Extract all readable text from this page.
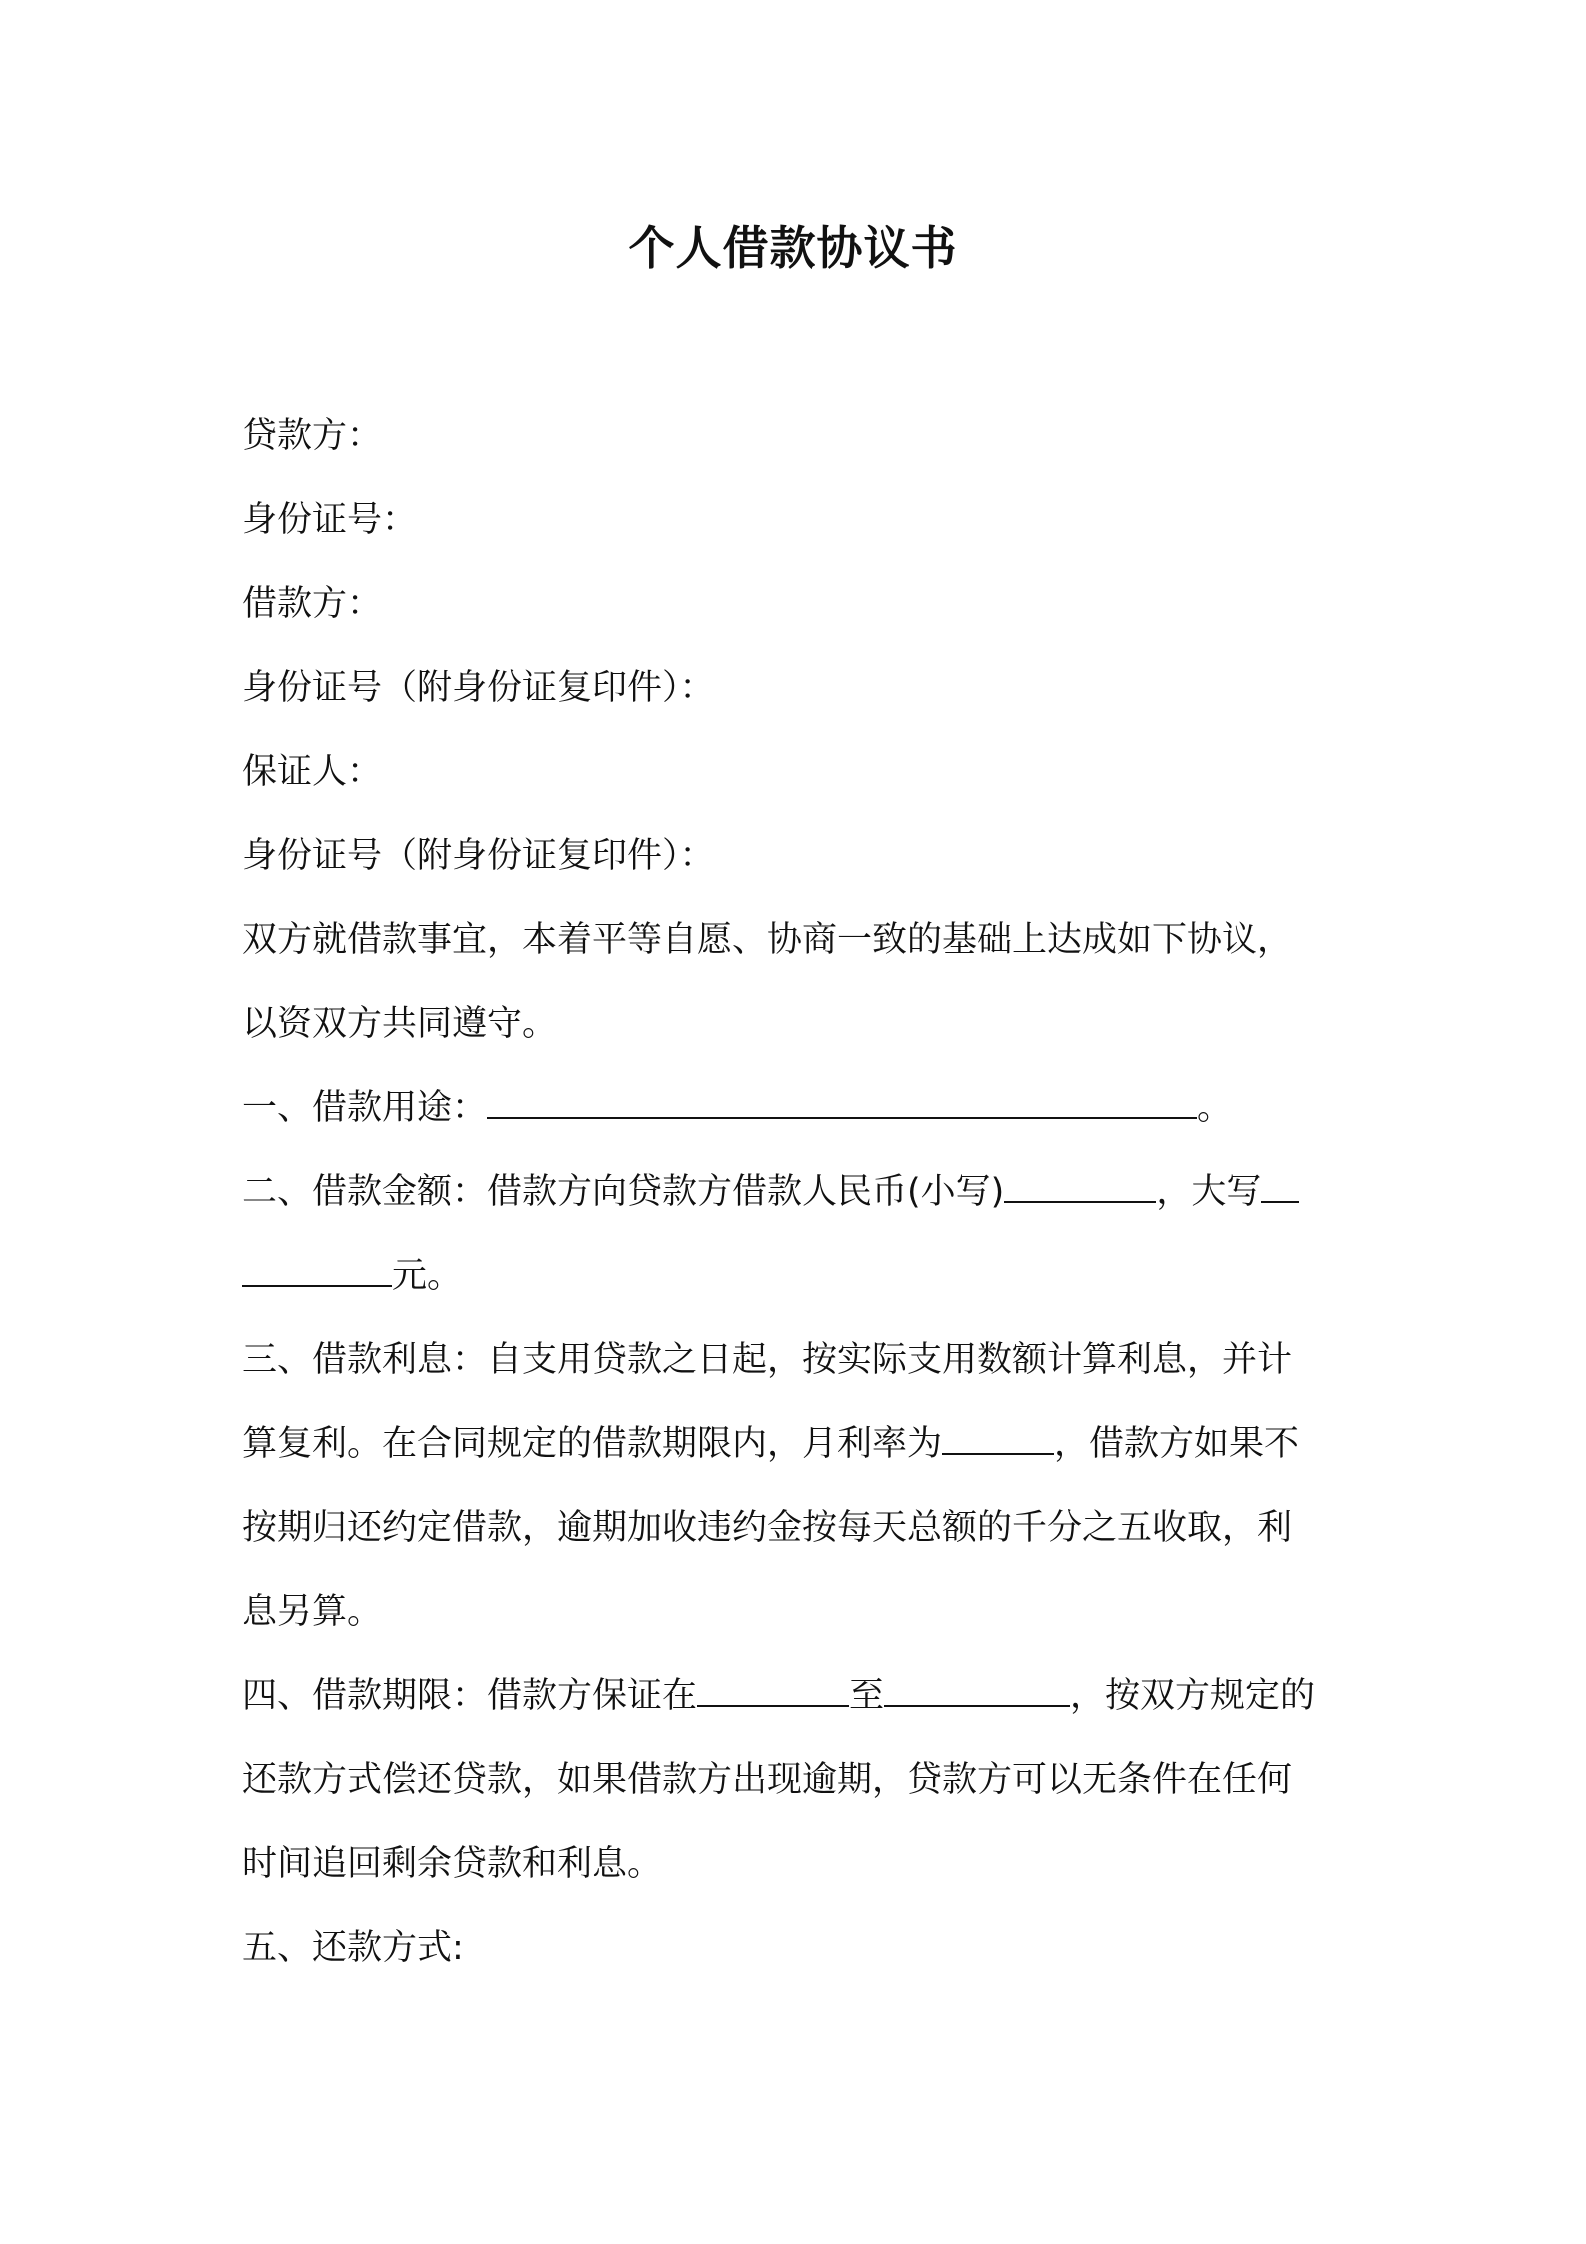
个人借款协议书
贷款方：
身份证号：
借款方：
身份证号（附身份证复印件）：
保证人：
身份证号（附身份证复印件）：
双方就借款事宜，本着平等自愿、协商一致的基础上达成如下协议，
以资双方共同遵守。
一、借款用途：	。
二、借款金额：借款方向贷款方借款人民币(小写)	，大写
元。
三、借款利息：自支用贷款之日起，按实际支用数额计算利息，并计
算复利。在合同规定的借款期限内，月利率为	，借款方如果不
按期归还约定借款，逾期加收违约金按每天总额的千分之五收取，利
息另算。
四、借款期限：借款方保证在	至	，按双方规定的
还款方式偿还贷款，如果借款方出现逾期，贷款方可以无条件在任何
时间追回剩余贷款和利息。
五、还款方式:
